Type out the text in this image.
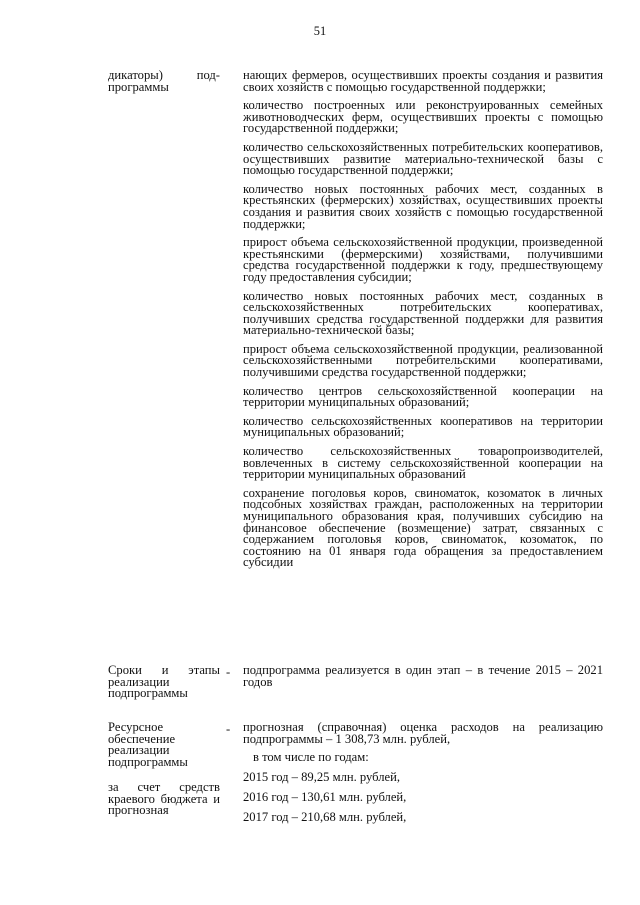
51
дикаторы) под-программы

нающих фермеров, осуществивших проекты создания и развития своих хозяйств с помощью государственной поддержки;

количество построенных или реконструированных семейных животноводческих ферм, осуществивших проекты с помощью государственной поддержки;

количество сельскохозяйственных потребительских кооперативов, осуществивших развитие материально-технической базы с помощью государственной поддержки;

количество новых постоянных рабочих мест, созданных в крестьянских (фермерских) хозяйствах, осуществивших проекты создания и развития своих хозяйств с помощью государственной поддержки;

прирост объема сельскохозяйственной продукции, произведенной крестьянскими (фермерскими) хозяйствами, получившими средства государственной поддержки к году, предшествующему году предоставления субсидии;

количество новых постоянных рабочих мест, созданных в сельскохозяйственных потребительских кооперативах, получивших средства государственной поддержки для развития материально-технической базы;

прирост объема сельскохозяйственной продукции, реализованной сельскохозяйственными потребительскими кооперативами, получившими средства государственной поддержки;

количество центров сельскохозяйственной кооперации на территории муниципальных образований;

количество сельскохозяйственных кооперативов на территории муниципальных образований;

количество сельскохозяйственных товаропроизводителей, вовлеченных в систему сельскохозяйственной кооперации на территории муниципальных образований

сохранение поголовья коров, свиноматок, козоматок в личных подсобных хозяйствах граждан, расположенных на территории муниципального образования края, получивших субсидию на финансовое обеспечение (возмещение) затрат, связанных с содержанием поголовья коров, свиноматок, козоматок, по состоянию на 01 января года обращения за предоставлением субсидии

Сроки и этапы реализации подпрограммы
- подпрограмма реализуется в один этап – в течение 2015 – 2021 годов

Ресурсное обеспечение реализации подпрограммы
за счет средств краевого бюджета и прогнозная
- прогнозная (справочная) оценка расходов на реализацию подпрограммы – 1 308,73 млн. рублей,

в том числе по годам:

2015 год – 89,25 млн. рублей,

2016 год – 130,61 млн. рублей,

2017 год – 210,68 млн. рублей,
